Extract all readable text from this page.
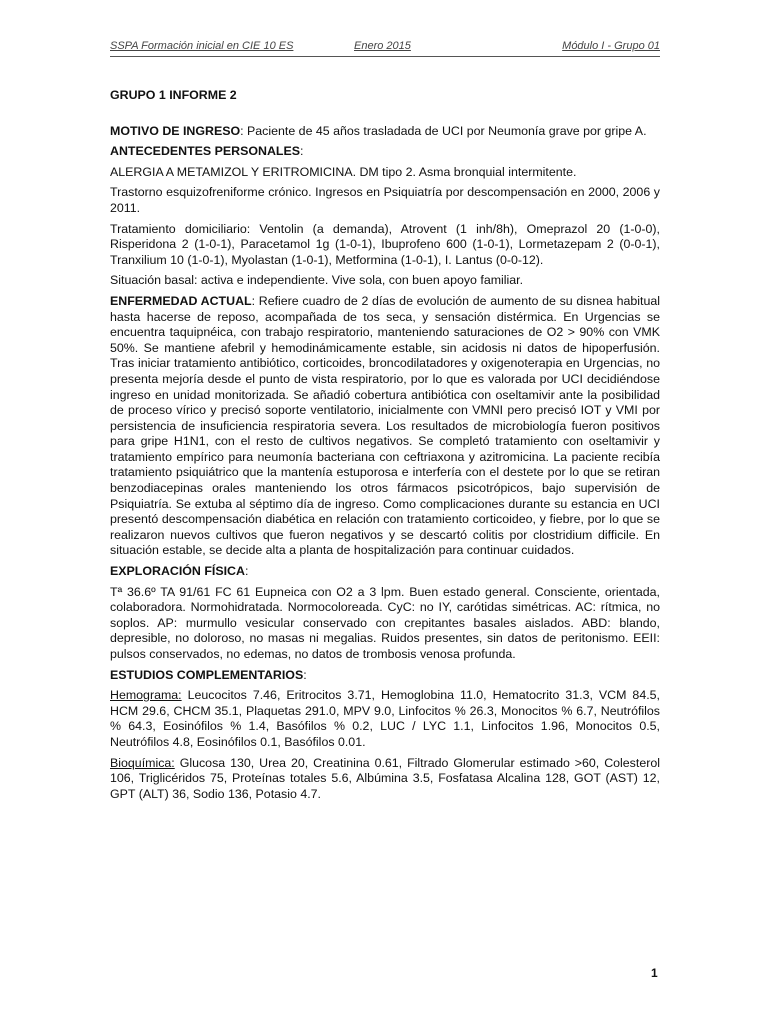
SSPA Formación inicial en CIE 10 ES	Enero 2015	Módulo I - Grupo 01

GRUPO 1 INFORME 2

MOTIVO DE INGRESO: Paciente de 45 años trasladada de UCI por Neumonía grave por gripe A.

ANTECEDENTES PERSONALES:

ALERGIA A METAMIZOL Y ERITROMICINA. DM tipo 2. Asma bronquial intermitente.

Trastorno esquizofreniforme crónico. Ingresos en Psiquiatría por descompensación en 2000, 2006 y 2011.

Tratamiento domiciliario: Ventolin (a demanda), Atrovent (1 inh/8h), Omeprazol 20 (1-0-0), Risperidona 2 (1-0-1), Paracetamol 1g (1-0-1), Ibuprofeno 600 (1-0-1), Lormetazepam 2 (0-0-1), Tranxilium 10 (1-0-1), Myolastan (1-0-1), Metformina (1-0-1), I. Lantus (0-0-12).

Situación basal: activa e independiente. Vive sola, con buen apoyo familiar.

ENFERMEDAD ACTUAL: Refiere cuadro de 2 días de evolución de aumento de su disnea habitual hasta hacerse de reposo, acompañada de tos seca, y sensación distérmica. En Urgencias se encuentra taquipnéica, con trabajo respiratorio, manteniendo saturaciones de O2 > 90% con VMK 50%. Se mantiene afebril y hemodinámicamente estable, sin acidosis ni datos de hipoperfusión. Tras iniciar tratamiento antibiótico, corticoides, broncodilatadores y oxigenoterapia en Urgencias, no presenta mejoría desde el punto de vista respiratorio, por lo que es valorada por UCI decidiéndose ingreso en unidad monitorizada. Se añadió cobertura antibiótica con oseltamivir ante la posibilidad de proceso vírico y precisó soporte ventilatorio, inicialmente con VMNI pero precisó IOT y VMI por persistencia de insuficiencia respiratoria severa. Los resultados de microbiología fueron positivos para gripe H1N1, con el resto de cultivos negativos. Se completó tratamiento con oseltamivir y tratamiento empírico para neumonía bacteriana con ceftriaxona y azitromicina. La paciente recibía tratamiento psiquiátrico que la mantenía estuporosa e interfería con el destete por lo que se retiran benzodiacepinas orales manteniendo los otros fármacos psicotrópicos, bajo supervisión de Psiquiatría. Se extuba al séptimo día de ingreso. Como complicaciones durante su estancia en UCI presentó descompensación diabética en relación con tratamiento corticoideo, y fiebre, por lo que se realizaron nuevos cultivos que fueron negativos y se descartó colitis por clostridium difficile. En situación estable, se decide alta a planta de hospitalización para continuar cuidados.

EXPLORACIÓN FÍSICA:

Tª 36.6º TA 91/61 FC 61 Eupneica con O2 a 3 lpm. Buen estado general. Consciente, orientada, colaboradora. Normohidratada. Normocoloreada. CyC: no IY, carótidas simétricas. AC: rítmica, no soplos. AP: murmullo vesicular conservado con crepitantes basales aislados. ABD: blando, depresible, no doloroso, no masas ni megalias. Ruidos presentes, sin datos de peritonismo. EEII: pulsos conservados, no edemas, no datos de trombosis venosa profunda.

ESTUDIOS COMPLEMENTARIOS:

Hemograma: Leucocitos 7.46, Eritrocitos 3.71, Hemoglobina 11.0, Hematocrito 31.3, VCM 84.5, HCM 29.6, CHCM 35.1, Plaquetas 291.0, MPV 9.0, Linfocitos % 26.3, Monocitos % 6.7, Neutrófilos % 64.3, Eosinófilos % 1.4, Basófilos % 0.2, LUC / LYC 1.1, Linfocitos 1.96, Monocitos 0.5, Neutrófilos 4.8, Eosinófilos 0.1, Basófilos 0.01.

Bioquímica: Glucosa 130, Urea 20, Creatinina 0.61, Filtrado Glomerular estimado >60, Colesterol 106, Triglicéridos 75, Proteínas totales 5.6, Albúmina 3.5, Fosfatasa Alcalina 128, GOT (AST) 12, GPT (ALT) 36, Sodio 136, Potasio 4.7.

1
